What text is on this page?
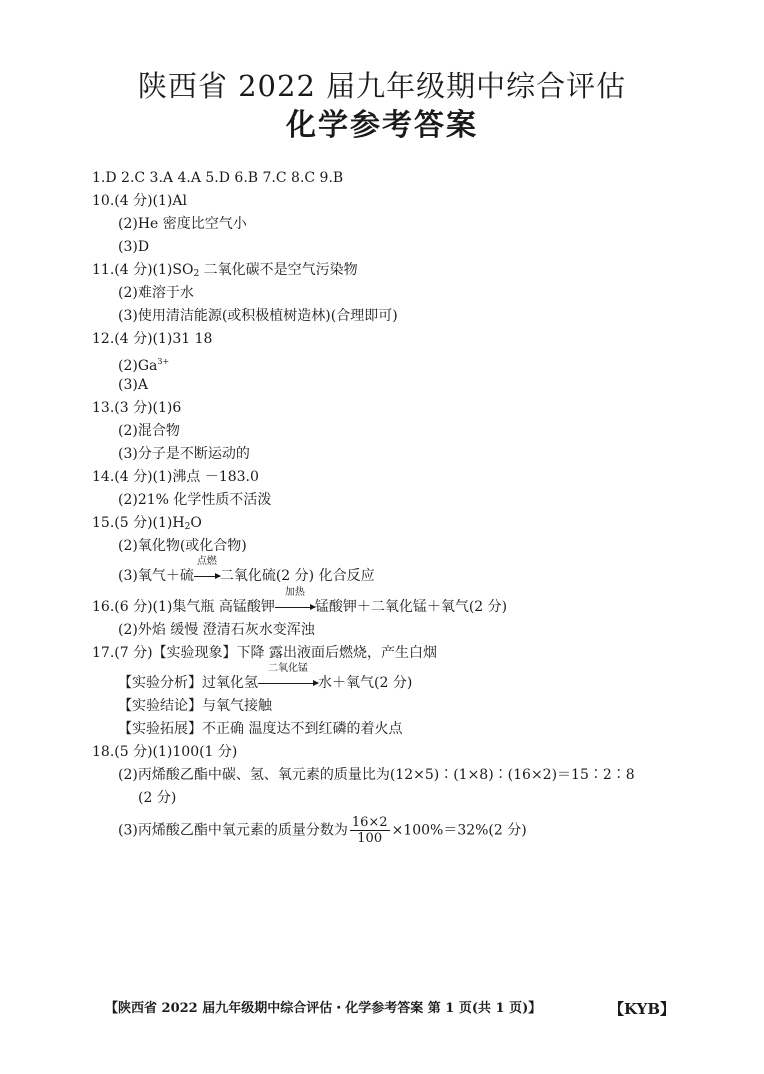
陕西省 2022 届九年级期中综合评估
化学参考答案
1.D 2.C 3.A 4.A 5.D 6.B 7.C 8.C 9.B
10.(4 分)(1)Al
(2)He 密度比空气小
(3)D
11.(4 分)$(1)SO_2$ 二氧化碳不是空气污染物
(2)难溶于水
(3)使用清洁能源(或积极植树造林)(合理即可)
12.(4 分)(1)31 18
$(2)Ga^{3+}$
(3)A
13.(3 分)(1)6
(2)混合物
(3)分子是不断运动的
14.(4 分)(1)沸点 －183.0
(2)21% 化学性质不活泼
15.(5 分)$(1)H_2O$
(2)氧化物(或化合物)
(3)氧气＋硫
点燃
二氧化硫(2 分) 化合反应
16.(6 分)(1)集气瓶 高锰酸钾
加热
锰酸钾＋二氧化锰＋氧气(2 分)
(2)外焰 缓慢 澄清石灰水变浑浊
17.(7 分)【实验现象】下降 露出液面后燃烧，产生白烟
【实验分析】过氧化氢
二氧化锰
水＋氧气(2 分)
【实验结论】与氧气接触
【实验拓展】不正确 温度达不到红磷的着火点
18.(5 分)(1)100(1 分)
(2)丙烯酸乙酯中碳、氢、氧元素的质量比为(12×5)∶(1×8)∶(16×2)＝15∶2∶8
(2 分)
(3)丙烯酸乙酯中氧元素的质量分数为 $\frac{16\times 2}{100} \times 100\%=32\%(2$ 分)
【陕西省 2022 届九年级期中综合评估・化学参考答案 第 1 页(共 1 页)】	【KYB】
